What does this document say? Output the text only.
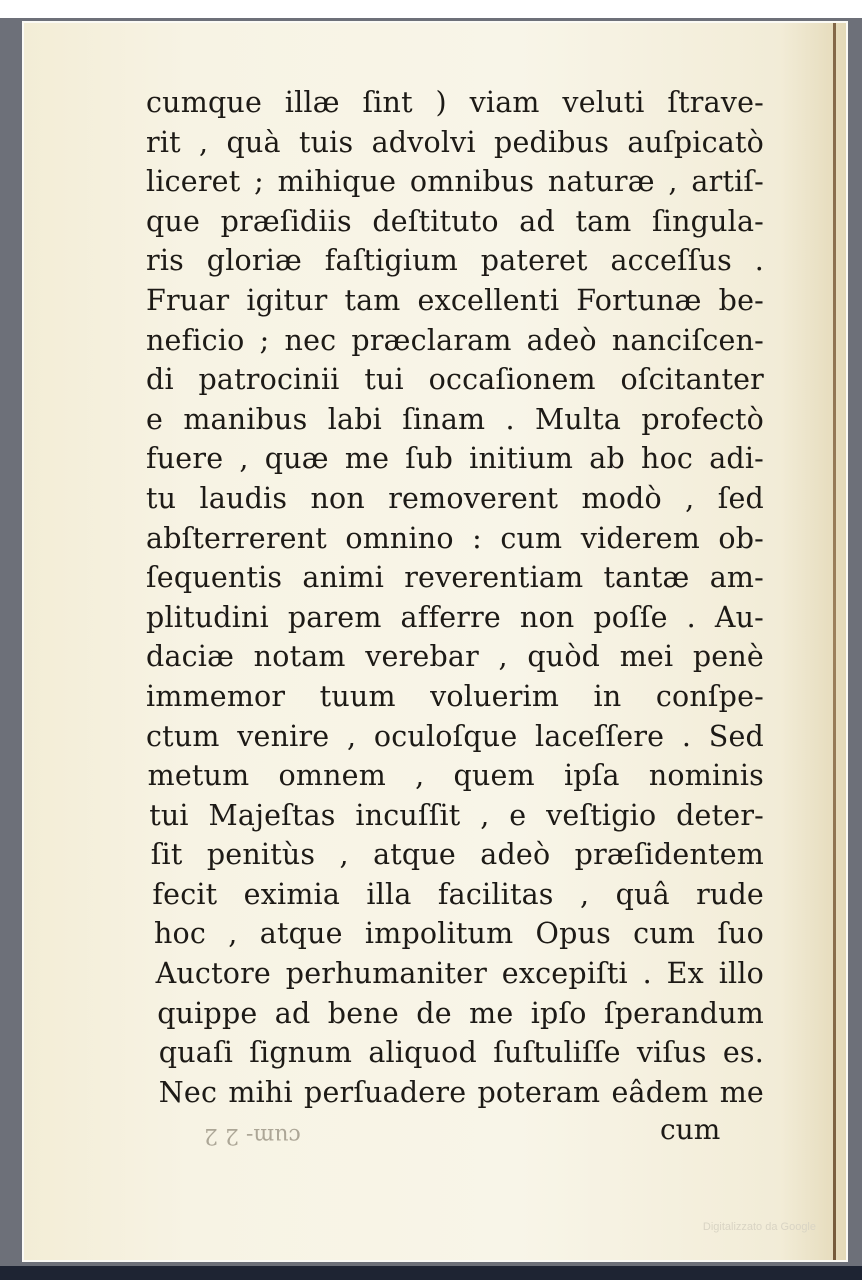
cumque illæ ſint ) viam veluti ſtrave-
rit , quà tuis advolvi pedibus auſpicatò
liceret ; mihique omnibus naturæ , artiſ-
que præſidiis deſtituto ad tam ſingula-
ris gloriæ faſtigium pateret acceſſus .
Fruar igitur tam excellenti Fortunæ be-
neficio ; nec præclaram adeò nanciſcen-
di patrocinii tui occaſionem oſcitanter
e manibus labi ſinam . Multa profectò
fuere , quæ me ſub initium ab hoc adi-
tu laudis non removerent modò , ſed
abſterrerent omnino : cum viderem ob-
ſequentis animi reverentiam tantæ am-
plitudini parem afferre non poſſe . Au-
daciæ notam verebar , quòd mei penè
immemor tuum voluerim in conſpe-
ctum venire , oculoſque laceſſere . Sed
metum omnem , quem ipſa nominis
tui Majeſtas incuſſit , e veſtigio deter-
ſit penitùs , atque adeò præſidentem
fecit eximia illa facilitas , quâ rude
hoc , atque impolitum Opus cum ſuo
Auctore perhumaniter excepiſti . Ex illo
quippe ad bene de me ipſo ſperandum
quaſi ſignum aliquod ſuſtuliſſe viſus es.
Nec mihi perſuadere poteram eâdem me
cum- 2 2	cum
Digitalizzato da Google
